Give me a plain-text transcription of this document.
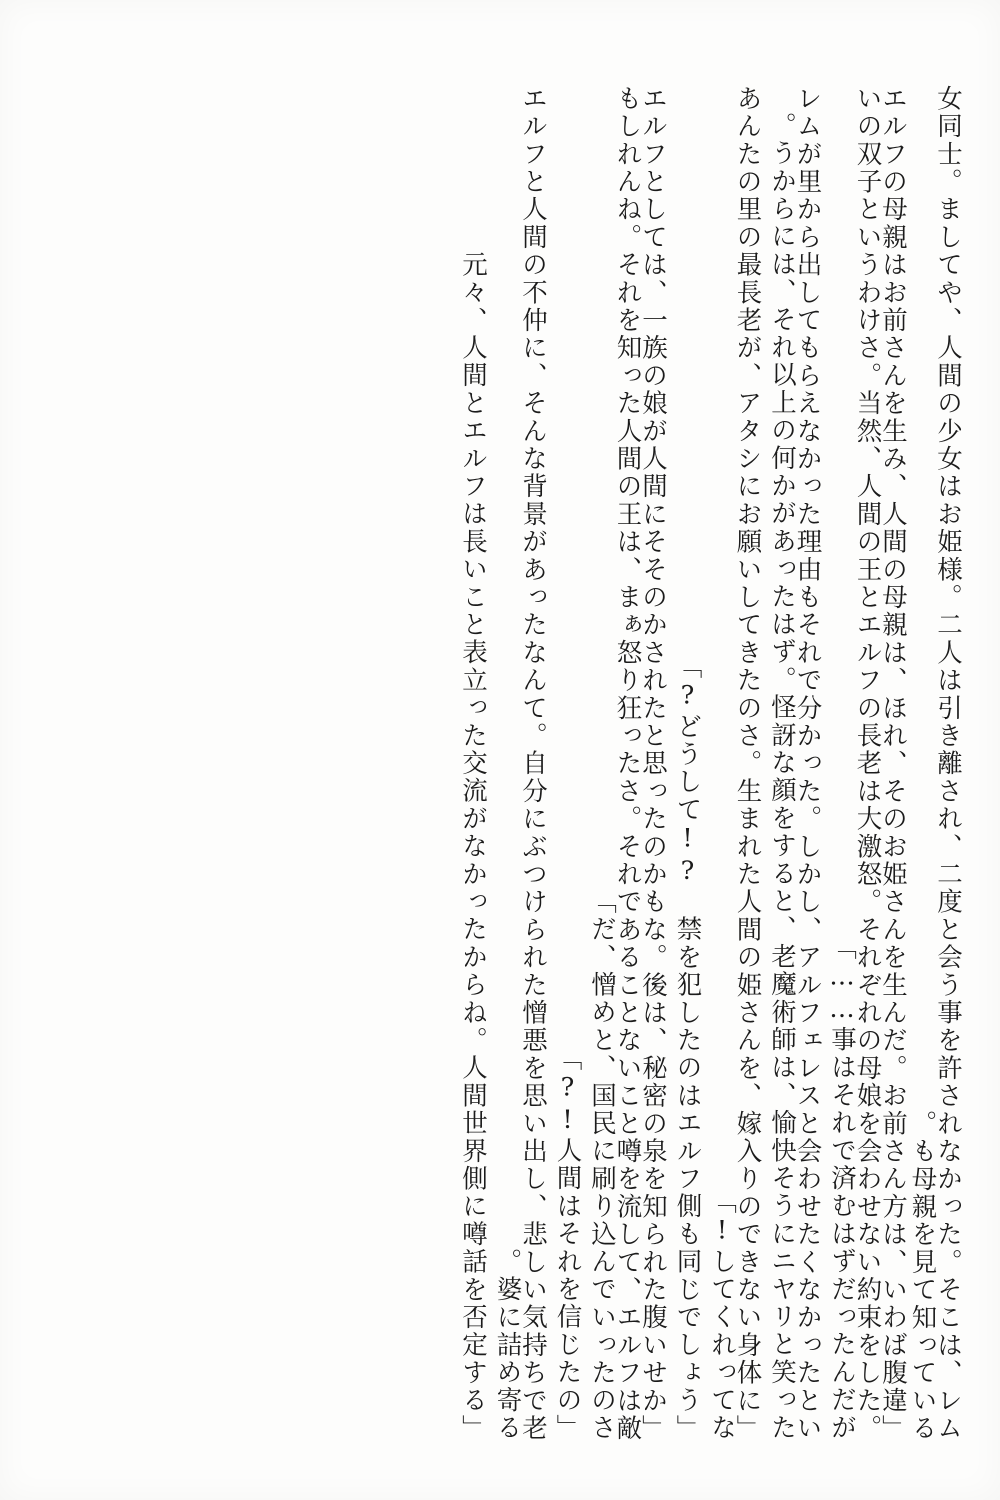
女同士。ましてや、人間の少女はお姫様。二人は引き離され、二度と会う事を許されなかった。そこは、レムも母親を見て知っている。
「エルフの母親はお前さんを生み、人間の母親は、ほれ、そのお姫さんを生んだ。お前さん方は、いわば腹違いの双子というわけさ。当然、人間の王とエルフの長老は大激怒。それぞれの母娘を会わせない約束をした。事はそれで済むはずだったんだが……」
レムが里から出してもらえなかった理由もそれで分かった。しかし、アルフェレスと会わせたくなかったというからには、それ以上の何かがあったはず。怪訝な顔をすると、老魔術師は、愉快そうにニヤリと笑った。
「あんたの里の最長老が、アタシにお願いしてきたのさ。生まれた人間の姫さんを、嫁入りのできない身体にしてくれってな!」
「どうして!?　禁を犯したのはエルフ側も同じでしょう?」
「エルフとしては、一族の娘が人間にそそのかされたと思ったのかもな。後は、秘密の泉を知られた腹いせかもしれんね。それを知った人間の王は、まぁ怒り狂ったさ。それであることないこと噂を流して、エルフは敵だ、憎めと、国民に刷り込んでいったのさ」
「人間はそれを信じたの!?」
エルフと人間の不仲に、そんな背景があったなんて。自分にぶつけられた憎悪を思い出し、悲しい気持ちで老婆に詰め寄る。
「元々、人間とエルフは長いこと表立った交流がなかったからね。人間世界側に噂話を否定する
